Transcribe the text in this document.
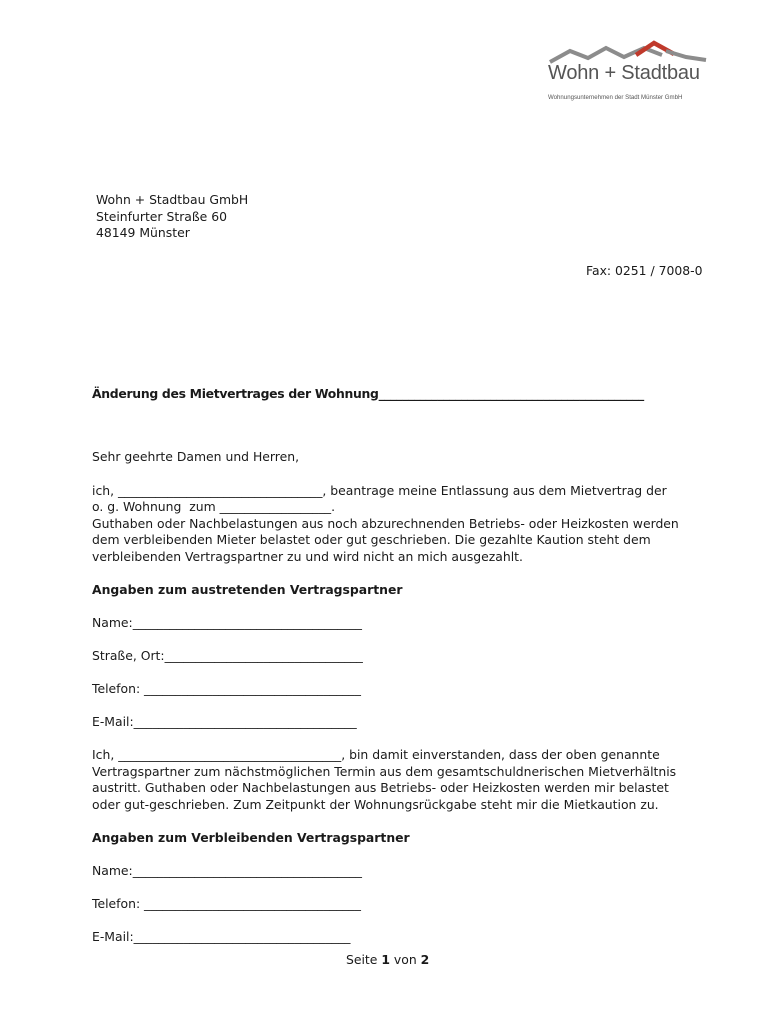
Wohn + Stadtbau
Wohnungsunternehmen der Stadt Münster GmbH
Wohn + Stadtbau GmbH
Steinfurter Straße 60
48149 Münster
Fax: 0251 / 7008-0
Änderung des Mietvertrages der Wohnung_____________________________________________
Sehr geehrte Damen und Herren,
ich, _________________________________, beantrage meine Entlassung aus dem Mietvertrag der
o. g. Wohnung  zum __________________.
Guthaben oder Nachbelastungen aus noch abzurechnenden Betriebs- oder Heizkosten werden
dem verbleibenden Mieter belastet oder gut geschrieben. Die gezahlte Kaution steht dem
verbleibenden Vertragspartner zu und wird nicht an mich ausgezahlt.
Angaben zum austretenden Vertragspartner
Name:_____________________________________
Straße, Ort:________________________________
Telefon: ___________________________________
E-Mail:____________________________________
Ich, ____________________________________, bin damit einverstanden, dass der oben genannte
Vertragspartner zum nächstmöglichen Termin aus dem gesamtschuldnerischen Mietverhältnis
austritt. Guthaben oder Nachbelastungen aus Betriebs- oder Heizkosten werden mir belastet
oder gut-geschrieben. Zum Zeitpunkt der Wohnungsrückgabe steht mir die Mietkaution zu.
Angaben zum Verbleibenden Vertragspartner
Name:_____________________________________
Telefon: ___________________________________
E-Mail:___________________________________
Seite 1 von 2
